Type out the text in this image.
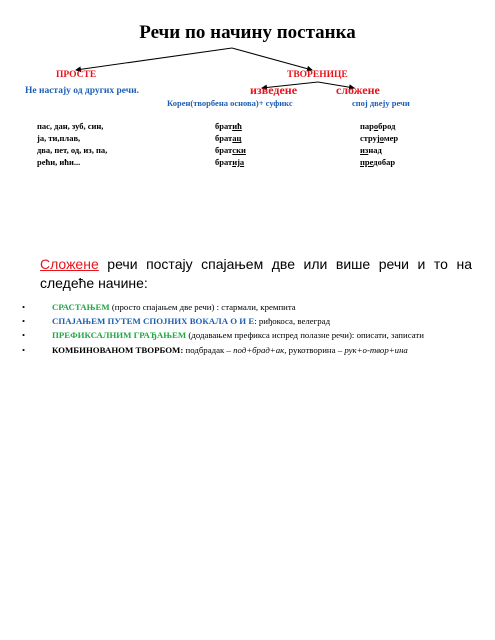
Речи по начину постанка
ПРОСТЕ
Не настају од других речи.
ТВОРЕНИЦЕ
изведене	сложене
Корен(творбена основа)+ суфикс	спој двеју речи
пас, дан, зуб, син,
ја, ти,плав,
два, пет, од, из, па,
рећи, ићи...
братић
братац
братски
братија
пароброд
струјомер
изнад
предобар
Сложене речи постају спајањем две или више речи и то на следеће начине:
•	СРАСТАЊЕМ (просто спајањем две речи) : стармали, кремпита
•	СПАЈАЊЕМ ПУТЕМ СПОЈНИХ ВОКАЛА О И Е: риђокоса, велеград
•	ПРЕФИКСАЛНИМ ГРАЂАЊЕМ (додавањем префикса испред полазне речи): описати, записати
•	КОМБИНОВАНОМ ТВОРБОМ: подбрадак – под+брад+ак, рукотворина – рук+о-твор+ина
